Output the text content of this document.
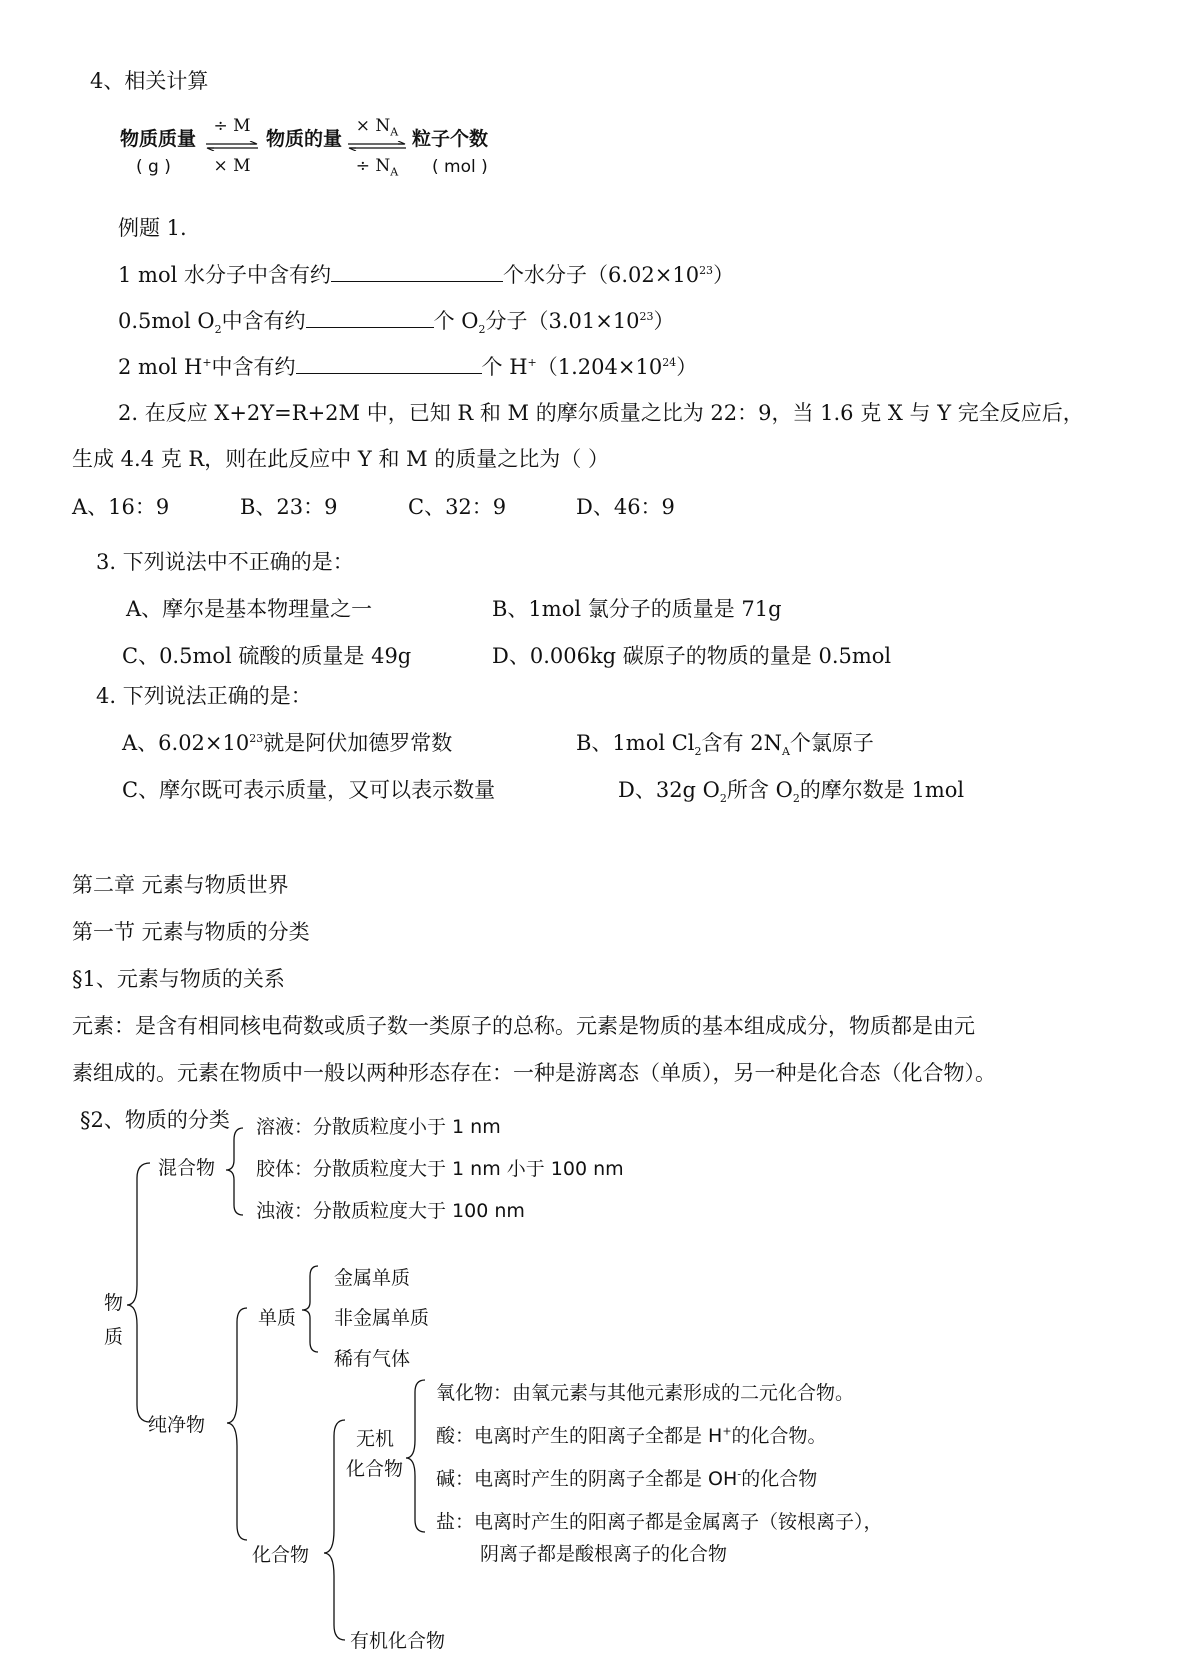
4、相关计算
物质质量
( g )
÷ M
× M
物质的量
× $N_A$
÷ $N_A$
粒子个数
( mol )
例题 1.
1 mol 水分子中含有约	个水分子$(6.02\times 10^{23})$
0.5mol $O_2$中含有约	个 $O_2$分子$(3.01\times 10^{23})$
2 mol H+中含有约	个 $H^+(1.204\times 10^{24})$
2. 在反应 X+2Y=R+2M 中，已知 R 和 M 的摩尔质量之比为 22：9，当 1.6 克 X 与 Y 完全反应后，
生成 4.4 克 R，则在此反应中 Y 和 M 的质量之比为（ ）
A、16：9	B、23：9	C、32：9	D、46：9
3. 下列说法中不正确的是：
A、摩尔是基本物理量之一	B、1mol 氯分子的质量是 71g
C、0.5mol 硫酸的质量是 49g	D、0.006kg 碳原子的物质的量是 0.5mol
4. 下列说法正确的是：
A、$6.02\times 10^{23}$就是阿伏加德罗常数	B、1mol $Cl_2$含有 $2N_A$个氯原子
C、摩尔既可表示质量，又可以表示数量	D、32g $O_2$所含 $O_2$的摩尔数是 1mol
第二章 元素与物质世界
第一节 元素与物质的分类
§1、元素与物质的关系
元素：是含有相同核电荷数或质子数一类原子的总称。元素是物质的基本组成成分，物质都是由元
素组成的。元素在物质中一般以两种形态存在：一种是游离态（单质），另一种是化合态（化合物）。
§2、物质的分类
物
质
混合物
溶液：分散质粒度小于 1 nm
胶体：分散质粒度大于 1 nm 小于 100 nm
浊液：分散质粒度大于 100 nm
单质
金属单质
非金属单质
稀有气体
纯净物
无机
化合物
氧化物：由氧元素与其他元素形成的二元化合物。
酸：电离时产生的阳离子全都是 H+的化合物。
碱：电离时产生的阴离子全都是 OH-的化合物
盐：电离时产生的阳离子都是金属离子（铵根离子），
阴离子都是酸根离子的化合物
化合物
有机化合物
